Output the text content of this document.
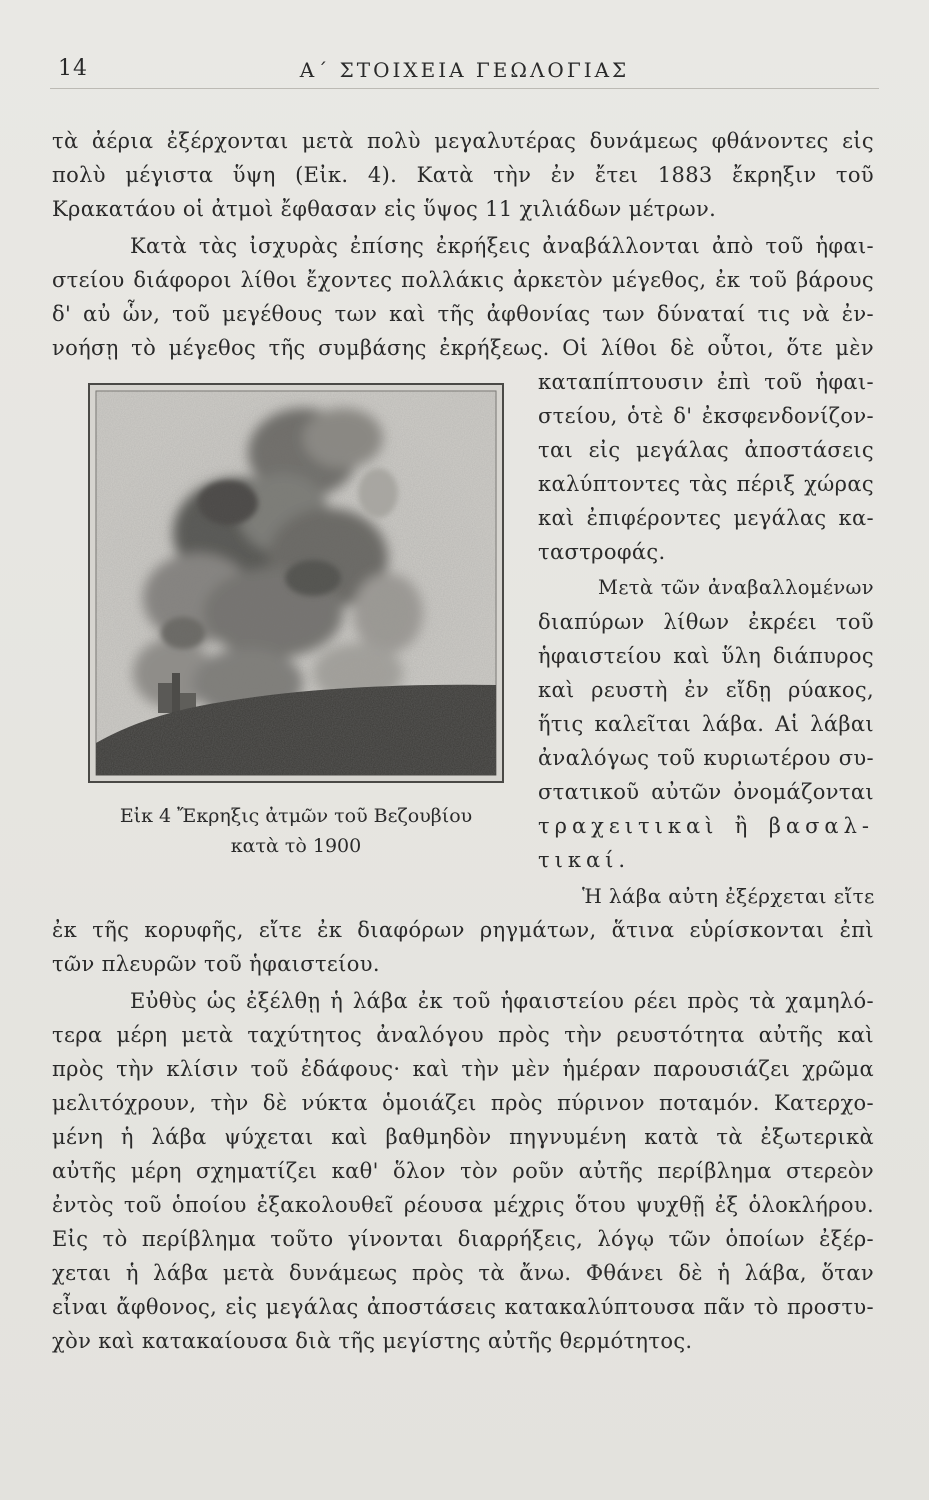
14	Α΄ ΣΤΟΙΧΕΙΑ ΓΕΩΛΟΓΙΑΣ
τὰ ἀέρια ἐξέρχονται μετὰ πολὺ μεγαλυτέρας δυνάμεως φθάνοντες εἰς
πολὺ μέγιστα ὕψη (Εἰκ. 4). Κατὰ τὴν ἐν ἔτει 1883 ἔκρηξιν τοῦ
Κρακατάου οἱ ἀτμοὶ ἔφθασαν εἰς ὕψος 11 χιλιάδων μέτρων.
Κατὰ τὰς ἰσχυρὰς ἐπίσης ἐκρήξεις ἀναβάλλονται ἀπὸ τοῦ ἡφαι-
στείου διάφοροι λίθοι ἔχοντες πολλάκις ἀρκετὸν μέγεθος, ἐκ τοῦ βάρους
δ' αὐ ὧν, τοῦ μεγέθους των καὶ τῆς ἀφθονίας των δύναταί τις νὰ ἐν-
νοήσῃ τὸ μέγεθος τῆς συμβάσης ἐκρήξεως. Οἱ λίθοι δὲ οὗτοι, ὅτε μὲν
Εἰκ 4 Ἔκρηξις ἀτμῶν τοῦ Βεζουβίου
κατὰ τὸ 1900
καταπίπτουσιν ἐπὶ τοῦ ἡφαι-
στείου, ὁτὲ δ' ἐκσφενδονίζον-
ται εἰς μεγάλας ἀποστάσεις
καλύπτοντες τὰς πέριξ χώρας
καὶ ἐπιφέροντες μεγάλας κα-
ταστροφάς.
Μετὰ τῶν ἀναβαλλομένων
διαπύρων λίθων ἐκρέει τοῦ
ἡφαιστείου καὶ ὕλη διάπυρος
καὶ ρευστὴ ἐν εἴδῃ ρύακος,
ἥτις καλεῖται λάβα. Αἱ λάβαι
ἀναλόγως τοῦ κυριωτέρου συ-
στατικοῦ αὐτῶν ὀνομάζονται
τραχειτικαὶ ἢ βασαλ-
τικαί.
Ἡ λάβα αὐτη ἐξέρχεται εἴτε
ἐκ τῆς κορυφῆς, εἴτε ἐκ διαφόρων ρηγμάτων, ἅτινα εὑρίσκονται ἐπὶ
τῶν πλευρῶν τοῦ ἡφαιστείου.
Εὐθὺς ὡς ἐξέλθῃ ἡ λάβα ἐκ τοῦ ἡφαιστείου ρέει πρὸς τὰ χαμηλό-
τερα μέρη μετὰ ταχύτητος ἀναλόγου πρὸς τὴν ρευστότητα αὐτῆς καὶ
πρὸς τὴν κλίσιν τοῦ ἐδάφους· καὶ τὴν μὲν ἡμέραν παρουσιάζει χρῶμα
μελιτόχρουν, τὴν δὲ νύκτα ὁμοιάζει πρὸς πύρινον ποταμόν. Κατερχο-
μένη ἡ λάβα ψύχεται καὶ βαθμηδὸν πηγνυμένη κατὰ τὰ ἐξωτερικὰ
αὐτῆς μέρη σχηματίζει καθ' ὅλον τὸν ροῦν αὐτῆς περίβλημα στερεὸν
ἐντὸς τοῦ ὁποίου ἐξακολουθεῖ ρέουσα μέχρις ὅτου ψυχθῇ ἐξ ὁλοκλήρου.
Εἰς τὸ περίβλημα τοῦτο γίνονται διαρρήξεις, λόγῳ τῶν ὁποίων ἐξέρ-
χεται ἡ λάβα μετὰ δυνάμεως πρὸς τὰ ἄνω. Φθάνει δὲ ἡ λάβα, ὅταν
εἶναι ἄφθονος, εἰς μεγάλας ἀποστάσεις κατακαλύπτουσα πᾶν τὸ προστυ-
χὸν καὶ κατακαίουσα διὰ τῆς μεγίστης αὐτῆς θερμότητος.
